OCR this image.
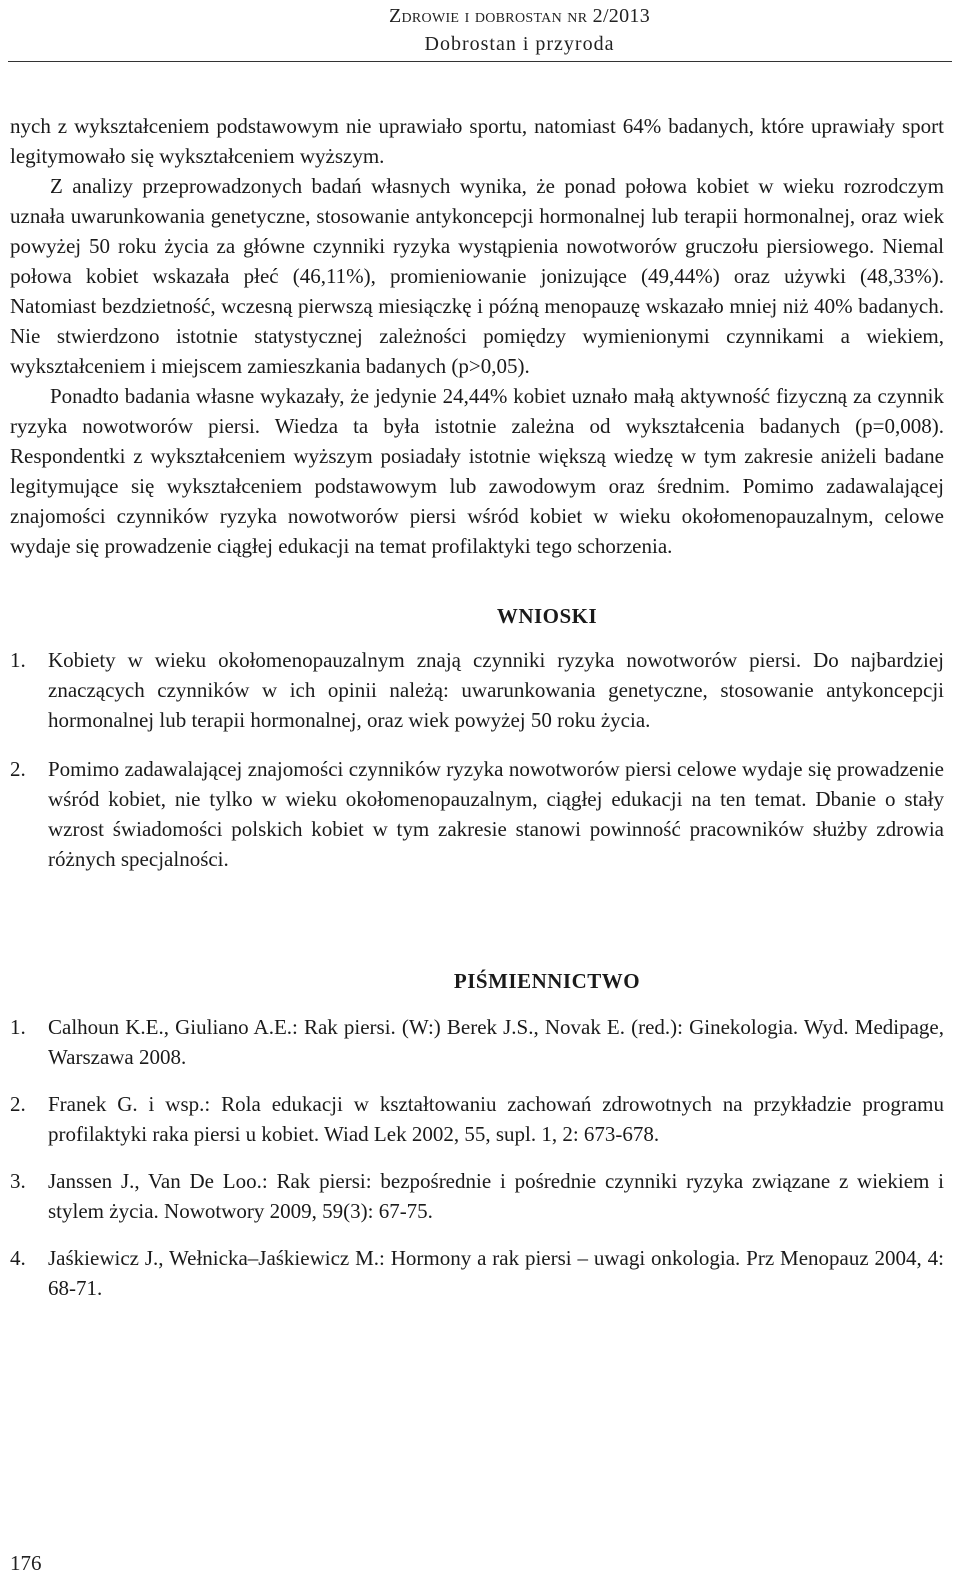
Zdrowie i dobrostan nr 2/2013
Dobrostan i przyroda

nych z wykształceniem podstawowym nie uprawiało sportu, natomiast 64% badanych, które uprawiały sport legitymowało się wykształceniem wyższym.

Z analizy przeprowadzonych badań własnych wynika, że ponad połowa kobiet w wieku rozrodczym uznała uwarunkowania genetyczne, stosowanie antykoncepcji hormonalnej lub terapii hormonalnej, oraz wiek powyżej 50 roku życia za główne czynniki ryzyka wystąpienia nowotworów gruczołu piersiowego. Niemal połowa kobiet wskazała płeć (46,11%), promieniowanie jonizujące (49,44%) oraz używki (48,33%). Natomiast bezdzietność, wczesną pierwszą miesiączkę i późną menopauzę wskazało mniej niż 40% badanych. Nie stwierdzono istotnie statystycznej zależności pomiędzy wymienionymi czynnikami a wiekiem, wykształceniem i miejscem zamieszkania badanych (p>0,05).

Ponadto badania własne wykazały, że jedynie 24,44% kobiet uznało małą aktywność fizyczną za czynnik ryzyka nowotworów piersi. Wiedza ta była istotnie zależna od wykształcenia badanych (p=0,008). Respondentki z wykształceniem wyższym posiadały istotnie większą wiedzę w tym zakresie aniżeli badane legitymujące się wykształceniem podstawowym lub zawodowym oraz średnim. Pomimo zadawalającej znajomości czynników ryzyka nowotworów piersi wśród kobiet w wieku okołomenopauzalnym, celowe wydaje się prowadzenie ciągłej edukacji na temat profilaktyki tego schorzenia.

WNIOSKI
1. Kobiety w wieku okołomenopauzalnym znają czynniki ryzyka nowotworów piersi. Do najbardziej znaczących czynników w ich opinii należą: uwarunkowania genetyczne, stosowanie antykoncepcji hormonalnej lub terapii hormonalnej, oraz wiek powyżej 50 roku życia.
2. Pomimo zadawalającej znajomości czynników ryzyka nowotworów piersi celowe wydaje się prowadzenie wśród kobiet, nie tylko w wieku okołomenopauzalnym, ciągłej edukacji na ten temat. Dbanie o stały wzrost świadomości polskich kobiet w tym zakresie stanowi powinność pracowników służby zdrowia różnych specjalności.
PIŚMIENNICTWO
1. Calhoun K.E., Giuliano A.E.: Rak piersi. (W:) Berek J.S., Novak E. (red.): Ginekologia. Wyd. Medipage, Warszawa 2008.
2. Franek G. i wsp.: Rola edukacji w kształtowaniu zachowań zdrowotnych na przykładzie programu profilaktyki raka piersi u kobiet. Wiad Lek 2002, 55, supl. 1, 2: 673-678.
3. Janssen J., Van De Loo.: Rak piersi: bezpośrednie i pośrednie czynniki ryzyka związane z wiekiem i stylem życia. Nowotwory 2009, 59(3): 67-75.
4. Jaśkiewicz J., Wełnicka–Jaśkiewicz M.: Hormony a rak piersi – uwagi onkologia. Prz Menopauz 2004, 4: 68-71.
176
